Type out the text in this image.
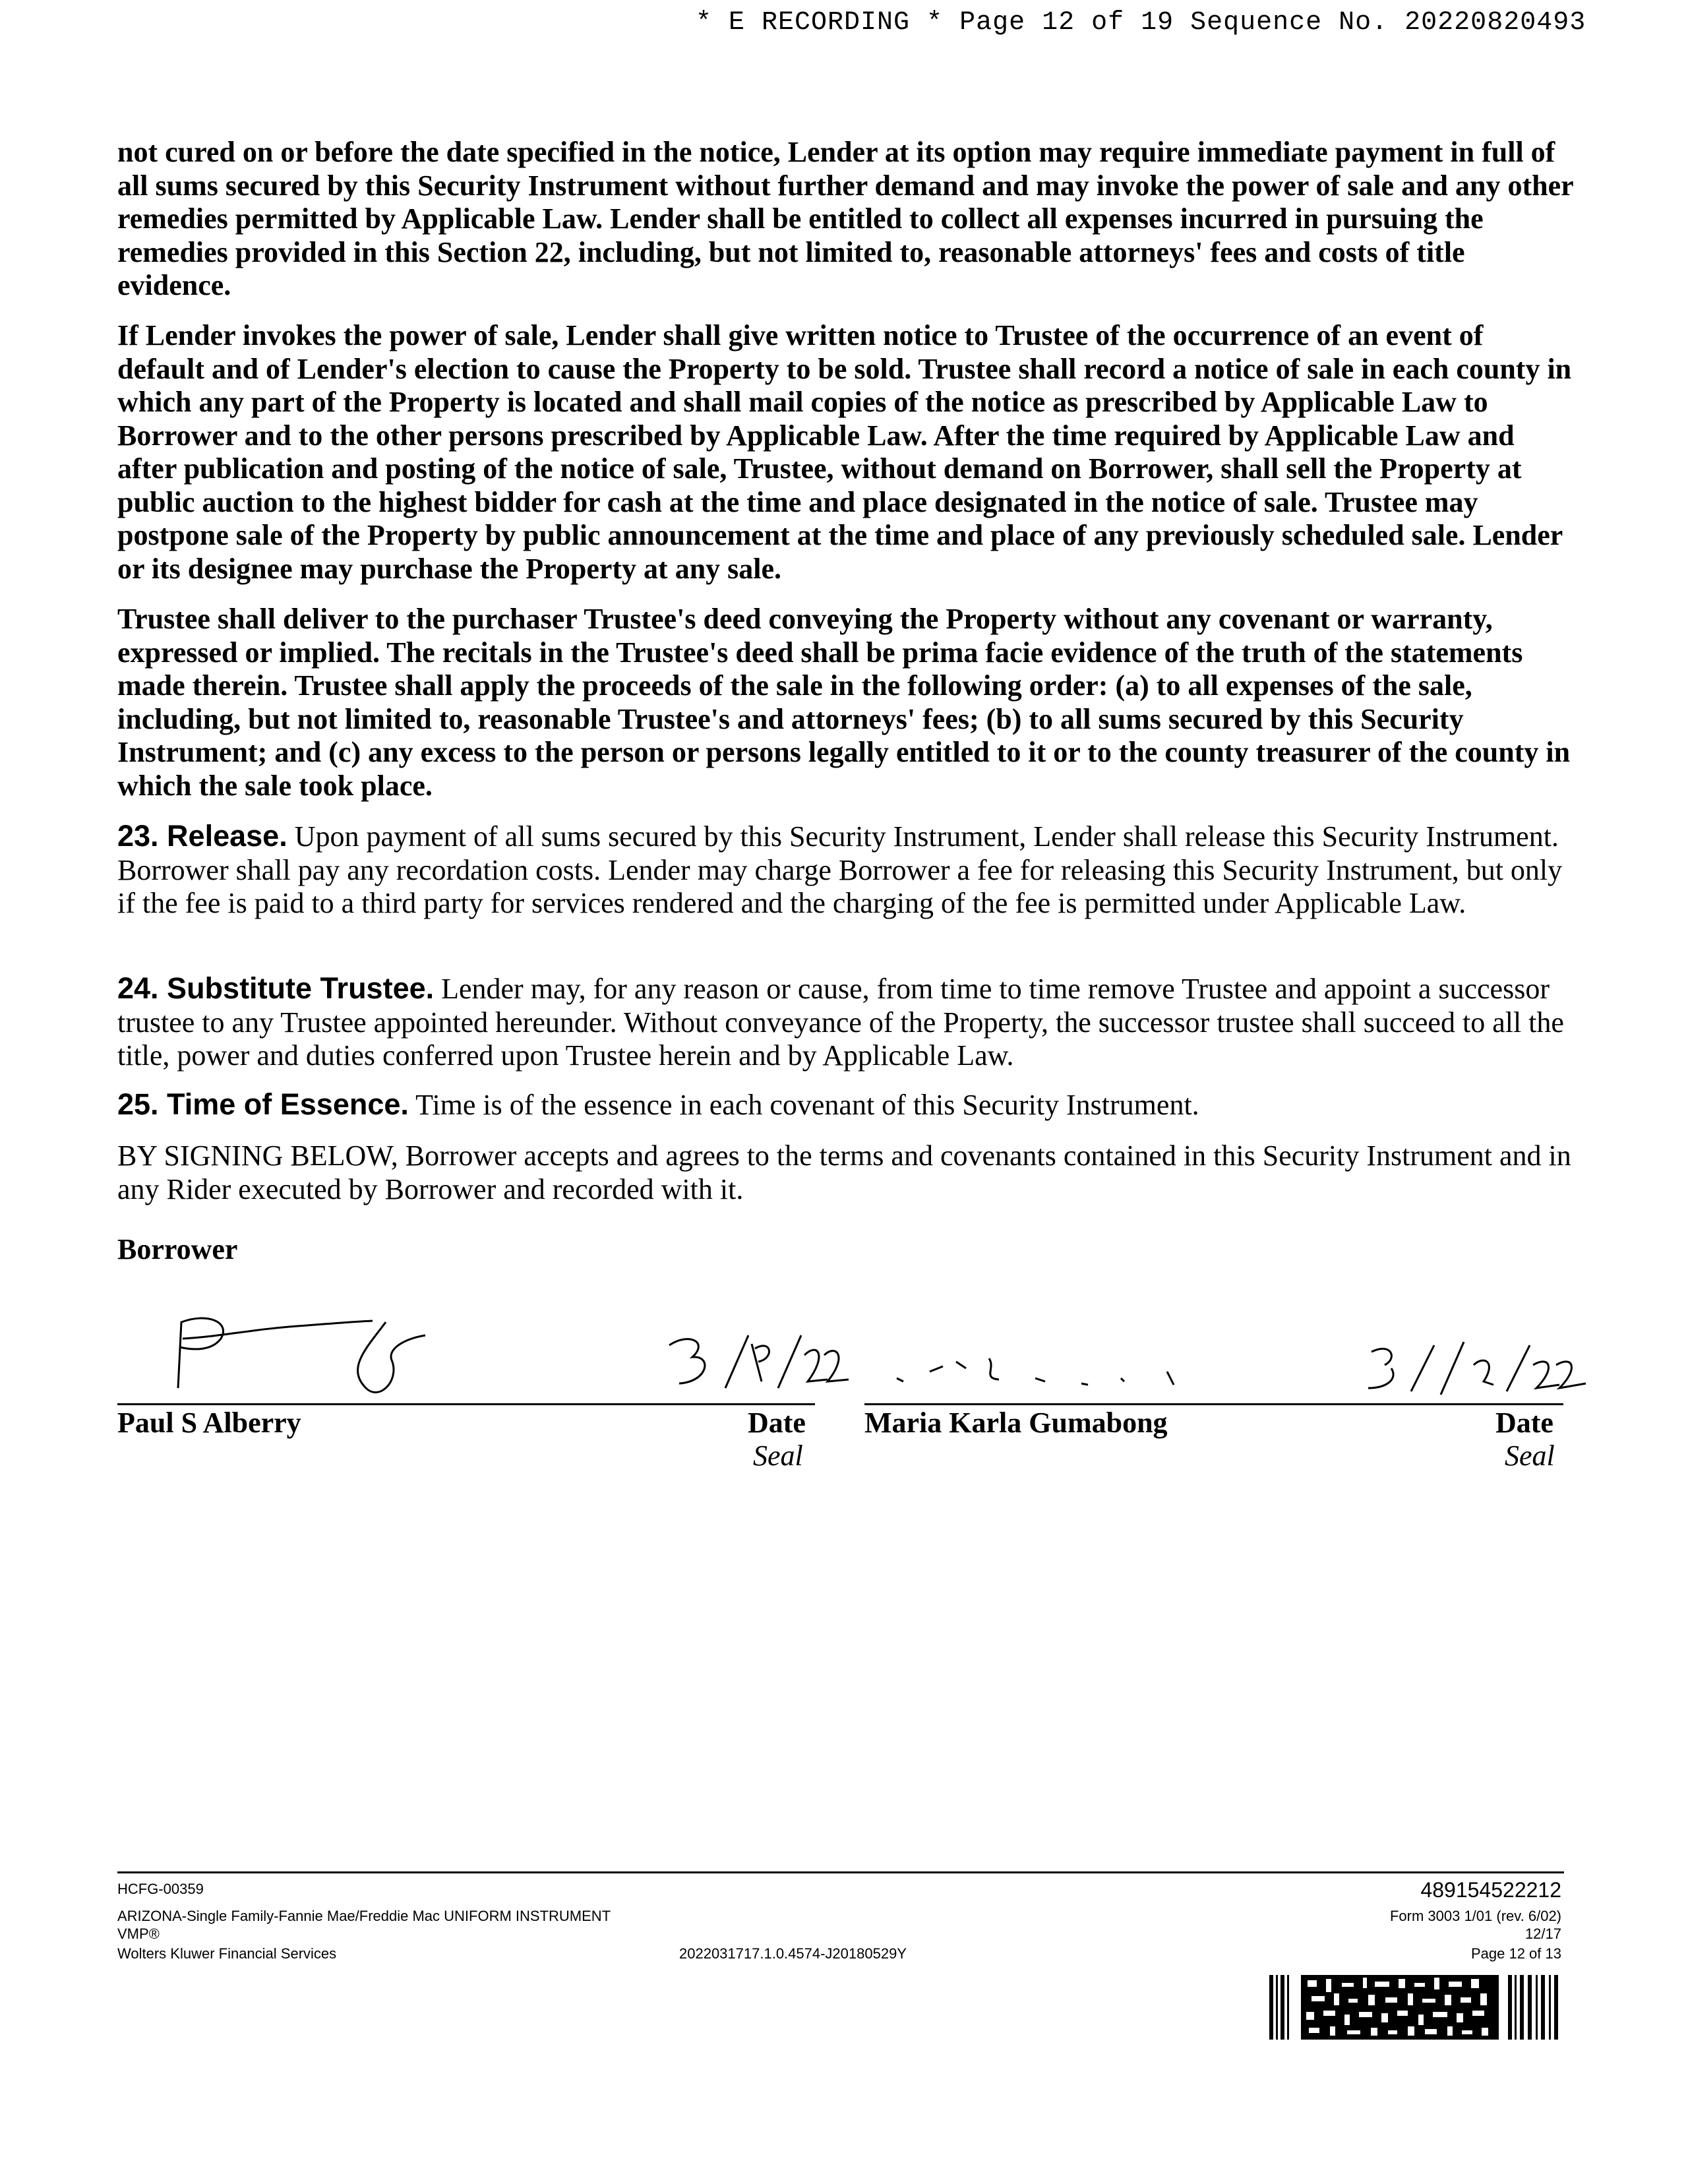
* E RECORDING * Page 12 of 19 Sequence No. 20220820493

not cured on or before the date specified in the notice, Lender at its option may require immediate payment in full of all sums secured by this Security Instrument without further demand and may invoke the power of sale and any other remedies permitted by Applicable Law. Lender shall be entitled to collect all expenses incurred in pursuing the remedies provided in this Section 22, including, but not limited to, reasonable attorneys' fees and costs of title evidence.

If Lender invokes the power of sale, Lender shall give written notice to Trustee of the occurrence of an event of default and of Lender's election to cause the Property to be sold. Trustee shall record a notice of sale in each county in which any part of the Property is located and shall mail copies of the notice as prescribed by Applicable Law to Borrower and to the other persons prescribed by Applicable Law. After the time required by Applicable Law and after publication and posting of the notice of sale, Trustee, without demand on Borrower, shall sell the Property at public auction to the highest bidder for cash at the time and place designated in the notice of sale. Trustee may postpone sale of the Property by public announcement at the time and place of any previously scheduled sale. Lender or its designee may purchase the Property at any sale.

Trustee shall deliver to the purchaser Trustee's deed conveying the Property without any covenant or warranty, expressed or implied. The recitals in the Trustee's deed shall be prima facie evidence of the truth of the statements made therein. Trustee shall apply the proceeds of the sale in the following order: (a) to all expenses of the sale, including, but not limited to, reasonable Trustee's and attorneys' fees; (b) to all sums secured by this Security Instrument; and (c) any excess to the person or persons legally entitled to it or to the county treasurer of the county in which the sale took place.

23. Release. Upon payment of all sums secured by this Security Instrument, Lender shall release this Security Instrument. Borrower shall pay any recordation costs. Lender may charge Borrower a fee for releasing this Security Instrument, but only if the fee is paid to a third party for services rendered and the charging of the fee is permitted under Applicable Law.

24. Substitute Trustee. Lender may, for any reason or cause, from time to time remove Trustee and appoint a successor trustee to any Trustee appointed hereunder. Without conveyance of the Property, the successor trustee shall succeed to all the title, power and duties conferred upon Trustee herein and by Applicable Law.

25. Time of Essence. Time is of the essence in each covenant of this Security Instrument.

BY SIGNING BELOW, Borrower accepts and agrees to the terms and covenants contained in this Security Instrument and in any Rider executed by Borrower and recorded with it.

Borrower
Paul S Alberry	Date
Seal
Maria Karla Gumabong	Date
Seal
HCFG-00359
ARIZONA-Single Family-Fannie Mae/Freddie Mac UNIFORM INSTRUMENT
VMP®
Wolters Kluwer Financial Services	2022031717.1.0.4574-J20180529Y
489154522212
Form 3003 1/01 (rev. 6/02)
12/17
Page 12 of 13
